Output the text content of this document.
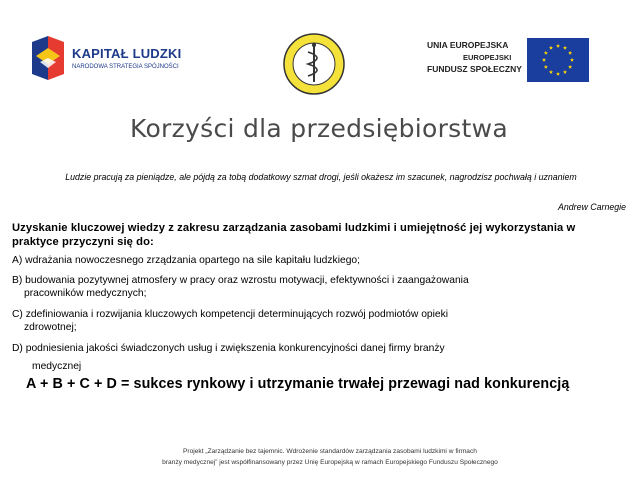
KAPITAŁ LUDZKI
NARODOWA STRATEGIA SPÓJNOŚCI
UNIA EUROPEJSKA
EUROPEJSKI
FUNDUSZ SPOŁECZNY
Korzyści dla przedsiębiorstwa
Ludzie pracują za pieniądze, ale pójdą za tobą dodatkowy szmat drogi, jeśli okażesz im szacunek, nagrodzisz pochwałą i uznaniem
Andrew Carnegie
Uzyskanie kluczowej wiedzy z zakresu zarządzania zasobami ludzkimi i umiejętność jej wykorzystania w praktyce przyczyni się do:
A) wdrażania nowoczesnego zrządzania opartego na sile kapitału ludzkiego;
B) budowania pozytywnej atmosfery w pracy oraz wzrostu motywacji, efektywności i zaangażowania
pracowników medycznych;
C) zdefiniowania i rozwijania kluczowych kompetencji determinujących rozwój podmiotów opieki
zdrowotnej;
D) podniesienia jakości świadczonych usług i zwiększenia konkurencyjności danej firmy branży
medycznej
A + B + C + D = sukces rynkowy i utrzymanie trwałej przewagi nad konkurencją
Projekt „Zarządzanie bez tajemnic. Wdrożenie standardów zarządzania zasobami ludzkimi w firmach
branży medycznej” jest współfinansowany przez Unię Europejską w ramach Europejskiego Funduszu Społecznego
